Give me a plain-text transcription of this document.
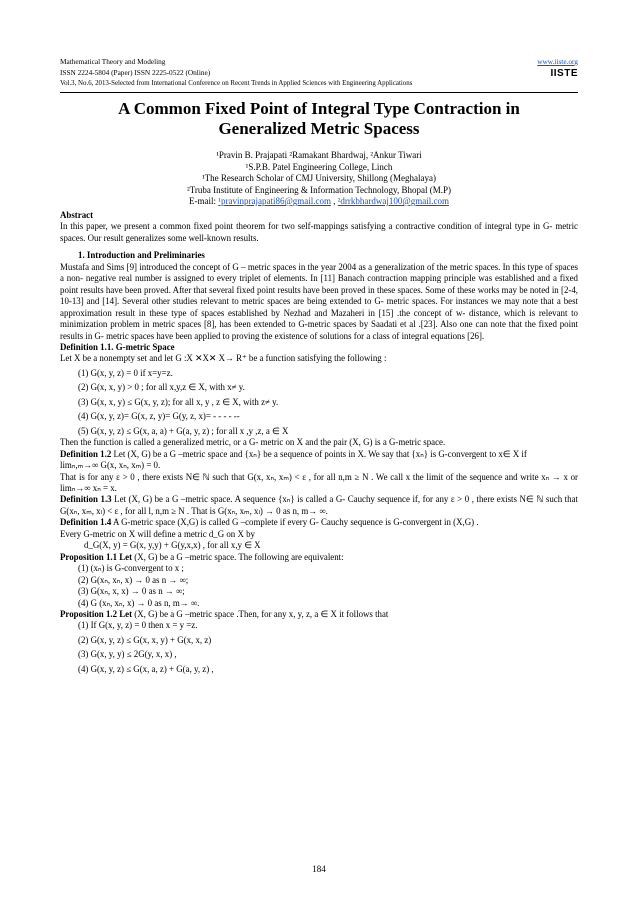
Mathematical Theory and Modeling	www.iiste.org
ISSN 2224-5804 (Paper) ISSN 2225-0522 (Online)
Vol.3, No.6, 2013-Selected from International Conference on Recent Trends in Applied Sciences with Engineering Applications
IISTE
A Common Fixed Point of Integral Type Contraction in
Generalized Metric Spacess
¹Pravin B. Prajapati ²Ramakant Bhardwaj, ²Ankur Tiwari
¹S.P.B. Patel Engineering College, Linch
¹The Research Scholar of CMJ University, Shillong (Meghalaya)
²Truba Institute of Engineering & Information Technology, Bhopal (M.P)
E-mail: ¹pravinprajapati86@gmail.com , ²drrkbhardwaj100@gmail.com
Abstract
In this paper, we present a common fixed point theorem for two self-mappings satisfying a contractive condition of integral type in G- metric spaces. Our result generalizes some well-known results.
1. Introduction and Preliminaries
Mustafa and Sims [9] introduced the concept of G – metric spaces in the year 2004 as a generalization of the metric spaces. In this type of spaces a non- negative real number is assigned to every triplet of elements. In [11] Banach contraction mapping principle was established and a fixed point results have been proved. After that several fixed point results have been proved in these spaces. Some of these works may be noted in [2-4, 10-13] and [14]. Several other studies relevant to metric spaces are being extended to G- metric spaces. For instances we may note that a best approximation result in these type of spaces established by Nezhad and Mazaheri in [15] .the concept of w- distance, which is relevant to minimization problem in metric spaces [8], has been extended to G-metric spaces by Saadati et al .[23]. Also one can note that the fixed point results in G- metric spaces have been applied to proving the existence of solutions for a class of integral equations [26].
Definition 1.1. G-metric Space
Let X be a nonempty set and let G :X ✕X✕ X→ R⁺ be a function satisfying the following :
(1) G(x, y, z) = 0 if x=y=z.
(2) G(x, x, y) > 0 ; for all x,y,z ∈ X, with x≠ y.
(3) G(x, x, y) ≤ G(x, y, z); for all x, y , z ∈ X, with z≠ y.
(4) G(x, y, z)= G(x, z, y)= G(y, z, x)= - - - - --
(5) G(x, y, z) ≤ G(x, a, a) + G(a, y, z) ; for all x ,y ,z, a ∈ X
Then the function is called a generalized metric, or a G- metric on X and the pair (X, G) is a G-metric space.
Definition 1.2 Let (X, G) be a G –metric space and {xₙ} be a sequence of points in X. We say that {xₙ} is G-convergent to x∈ X if
limₙ,ₘ→∞ G(x, xₙ, xₘ) = 0.
That is for any ε > 0 , there exists N∈ ℕ such that G(x, xₙ, xₘ) < ε , for all n,m ≥ N . We call x the limit of the sequence and write xₙ → x or limₙ→∞ xₙ = x.
Definition 1.3 Let (X, G) be a G –metric space. A sequence {xₙ} is called a G- Cauchy sequence if, for any ε > 0 , there exists N∈ ℕ such that G(xₙ, xₘ, xₗ) < ε , for all l, n,m ≥ N . That is G(xₙ, xₘ, xₗ) → 0 as n, m→ ∞.
Definition 1.4 A G-metric space (X,G) is called G –complete if every G- Cauchy sequence is G-convergent in (X,G) .
Every G-metric on X will define a metric d_G on X by
d_G(X, y) = G(x, y,y) + G(y,x,x) , for all x,y ∈ X
Proposition 1.1 Let (X, G) be a G –metric space. The following are equivalent:
(1) (xₙ) is G-convergent to x ;
(2) G(xₙ, xₙ, x) → 0 as n → ∞;
(3) G(xₙ, x, x) → 0 as n → ∞;
(4) G (xₙ, xₙ, x) → 0 as n, m→ ∞.
Proposition 1.2 Let (X, G) be a G –metric space .Then, for any x, y, z, a ∈ X it follows that
(1) If G(x, y, z) = 0 then x = y =z.
(2) G(x, y, z) ≤ G(x, x, y) + G(x, x, z)
(3) G(x, y, y) ≤ 2G(y, x, x) ,
(4) G(x, y, z) ≤ G(x, a, z) + G(a, y, z) ,
184
